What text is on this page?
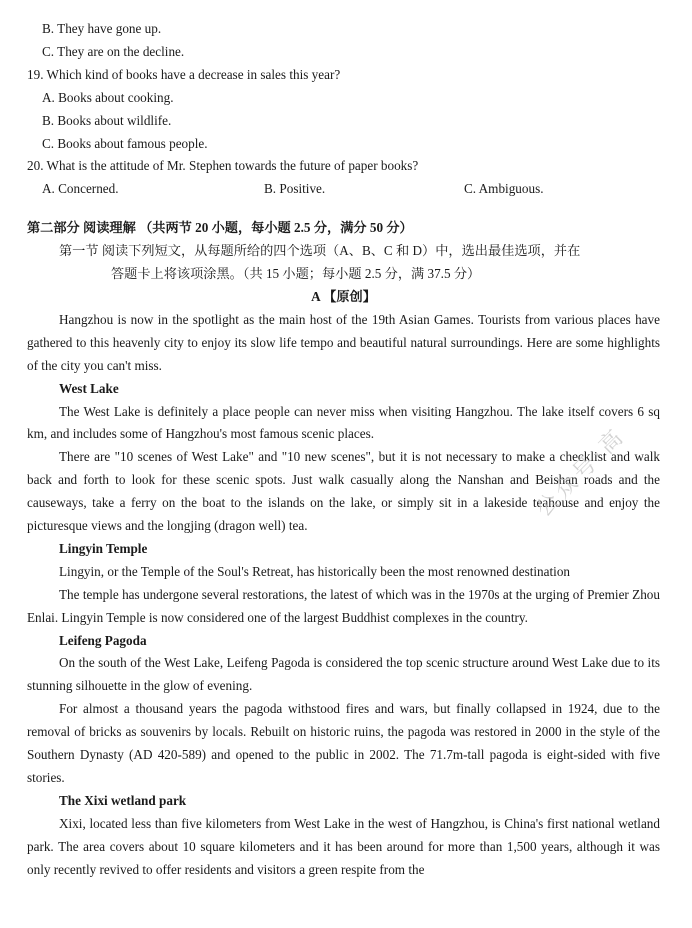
B. They have gone up.
C. They are on the decline.
19. Which kind of books have a decrease in sales this year?
A. Books about cooking.
B. Books about wildlife.
C. Books about famous people.
20. What is the attitude of Mr. Stephen towards the future of paper books?
A. Concerned.	B. Positive.	C. Ambiguous.
第二部分 阅读理解 （共两节 20 小题，每小题 2.5 分，满分 50 分）
第一节 阅读下列短文，从每题所给的四个选项（A、B、C 和 D）中，选出最佳选项，并在
答题卡上将该项涂黑。（共 15 小题；每小题 2.5 分，满 37.5 分）
A 【原创】
Hangzhou is now in the spotlight as the main host of the 19th Asian Games. Tourists from various places have gathered to this heavenly city to enjoy its slow life tempo and beautiful natural surroundings. Here are some highlights of the city you can't miss.
West Lake
The West Lake is definitely a place people can never miss when visiting Hangzhou. The lake itself covers 6 sq km, and includes some of Hangzhou's most famous scenic places.
There are "10 scenes of West Lake" and "10 new scenes", but it is not necessary to make a checklist and walk back and forth to look for these scenic spots. Just walk casually along the Nanshan and Beishan roads and the causeways, take a ferry on the boat to the islands on the lake, or simply sit in a lakeside teahouse and enjoy the picturesque views and the longjing (dragon well) tea.
Lingyin Temple
Lingyin, or the Temple of the Soul's Retreat, has historically been the most renowned destination
The temple has undergone several restorations, the latest of which was in the 1970s at the urging of Premier Zhou Enlai. Lingyin Temple is now considered one of the largest Buddhist complexes in the country.
Leifeng Pagoda
On the south of the West Lake, Leifeng Pagoda is considered the top scenic structure around West Lake due to its stunning silhouette in the glow of evening.
For almost a thousand years the pagoda withstood fires and wars, but finally collapsed in 1924, due to the removal of bricks as souvenirs by locals. Rebuilt on historic ruins, the pagoda was restored in 2000 in the style of the Southern Dynasty (AD 420-589) and opened to the public in 2002. The 71.7m-tall pagoda is eight-sided with five stories.
The Xixi wetland park
Xixi, located less than five kilometers from West Lake in the west of Hangzhou, is China's first national wetland park. The area covers about 10 square kilometers and it has been around for more than 1,500 years, although it was only recently revived to offer residents and visitors a green respite from the
公众号·高
